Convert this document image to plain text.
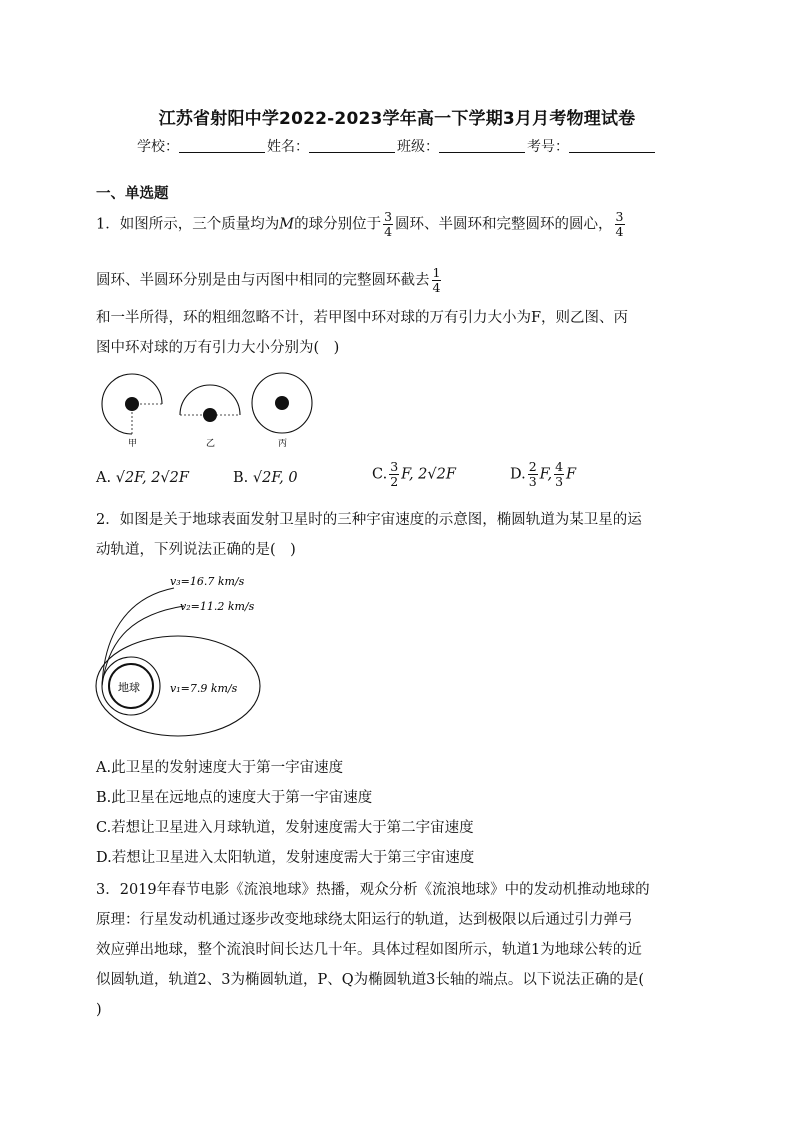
江苏省射阳中学2022-2023学年高一下学期3月月考物理试卷
学校：	姓名：	班级：	考号：
一、单选题
1．如图所示，三个质量均为M的球分别位于 $\frac{3}{4}$ 圆环、半圆环和完整圆环的圆心， $\frac{3}{4}$
圆环、半圆环分别是由与丙图中相同的完整圆环截去 $\frac{1}{4}$
和一半所得，环的粗细忽略不计，若甲图中环对球的万有引力大小为F，则乙图、丙
图中环对球的万有引力大小分别为(　)
甲	乙	丙
A. √2F, 2√2F	B. √2F, 0	C. $\frac{3}{2} F$, 2√2F	D. $\frac{2}{3} F$, $\frac{4}{3}$ F
2．如图是关于地球表面发射卫星时的三种宇宙速度的示意图，椭圆轨道为某卫星的运
动轨道，下列说法正确的是(　)
v₃=16.7 km/s
v₂=11.2 km/s
v₁=7.9 km/s
地球
A.此卫星的发射速度大于第一宇宙速度
B.此卫星在远地点的速度大于第一宇宙速度
C.若想让卫星进入月球轨道，发射速度需大于第二宇宙速度
D.若想让卫星进入太阳轨道，发射速度需大于第三宇宙速度
3．2019年春节电影《流浪地球》热播，观众分析《流浪地球》中的发动机推动地球的
原理：行星发动机通过逐步改变地球绕太阳运行的轨道，达到极限以后通过引力弹弓
效应弹出地球，整个流浪时间长达几十年。具体过程如图所示，轨道1为地球公转的近
似圆轨道，轨道2、3为椭圆轨道，P、Q为椭圆轨道3长轴的端点。以下说法正确的是(
)
